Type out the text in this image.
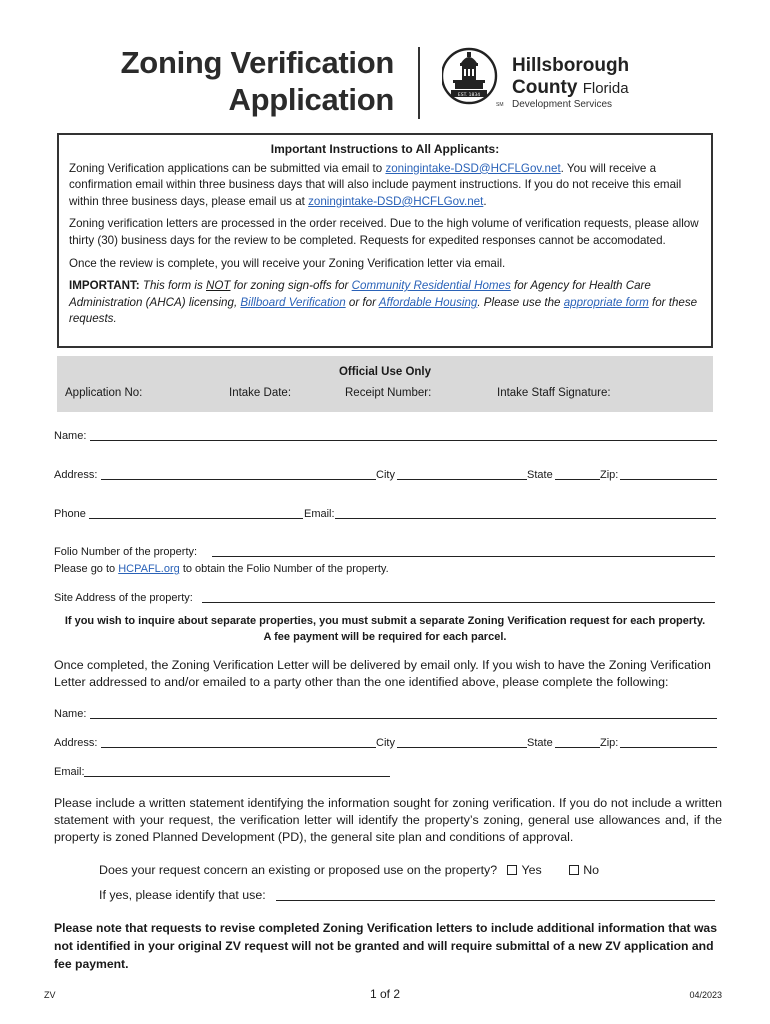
Zoning Verification
Application	EST. 1834
SM
Hillsborough
County Florida
Development Services
Important Instructions to All Applicants:

Zoning Verification applications can be submitted via email to zoningintake-DSD@HCFLGov.net. You will receive a confirmation email within three business days that will also include payment instructions. If you do not receive this email within three business days, please email us at zoningintake-DSD@HCFLGov.net.

Zoning verification letters are processed in the order received. Due to the high volume of verification requests, please allow thirty (30) business days for the review to be completed. Requests for expedited responses cannot be accomodated.

Once the review is complete, you will receive your Zoning Verification letter via email.

IMPORTANT: This form is NOT for zoning sign-offs for Community Residential Homes for Agency for Health Care Administration (AHCA) licensing, Billboard Verification or for Affordable Housing. Please use the appropriate form for these requests.

Official Use Only
Application No:	Intake Date:	Receipt Number:	Intake Staff Signature:
Name:
Address:	City	State	Zip:
Phone	Email:
Folio Number of the property:
Please go to HCPAFL.org to obtain the Folio Number of the property.
Site Address of the property:
If you wish to inquire about separate properties, you must submit a separate Zoning Verification request for each property.
A fee payment will be required for each parcel.
Once completed, the Zoning Verification Letter will be delivered by email only. If you wish to have the Zoning Verification Letter addressed to and/or emailed to a party other than the one identified above, please complete the following:
Name:
Address:	City	State	Zip:
Email:
Please include a written statement identifying the information sought for zoning verification. If you do not include a written statement with your request, the verification letter will identify the property’s zoning, general use allowances and, if the property is zoned Planned Development (PD), the general site plan and conditions of approval.
Does your request concern an existing or proposed use on the property? Yes	No
If yes, please identify that use:
Please note that requests to revise completed Zoning Verification letters to include additional information that was not identified in your original ZV request will not be granted and will require submittal of a new ZV application and fee payment.
ZV	1 of 2	04/2023
